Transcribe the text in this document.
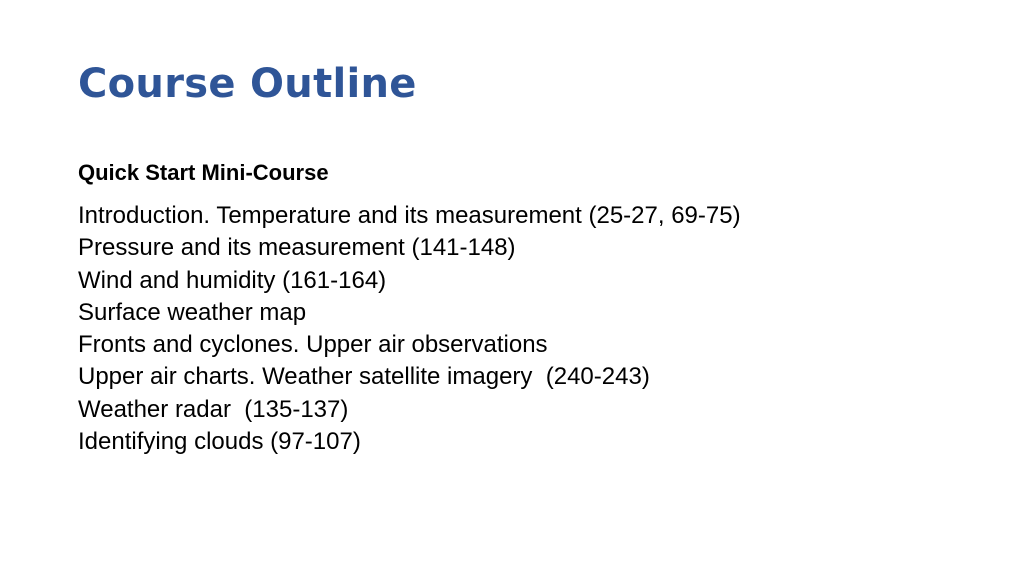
Course Outline
Quick Start Mini-Course
Introduction. Temperature and its measurement (25-27, 69-75)
Pressure and its measurement (141-148)
Wind and humidity (161-164)
Surface weather map
Fronts and cyclones. Upper air observations
Upper air charts. Weather satellite imagery  (240-243)
Weather radar  (135-137)
Identifying clouds (97-107)
